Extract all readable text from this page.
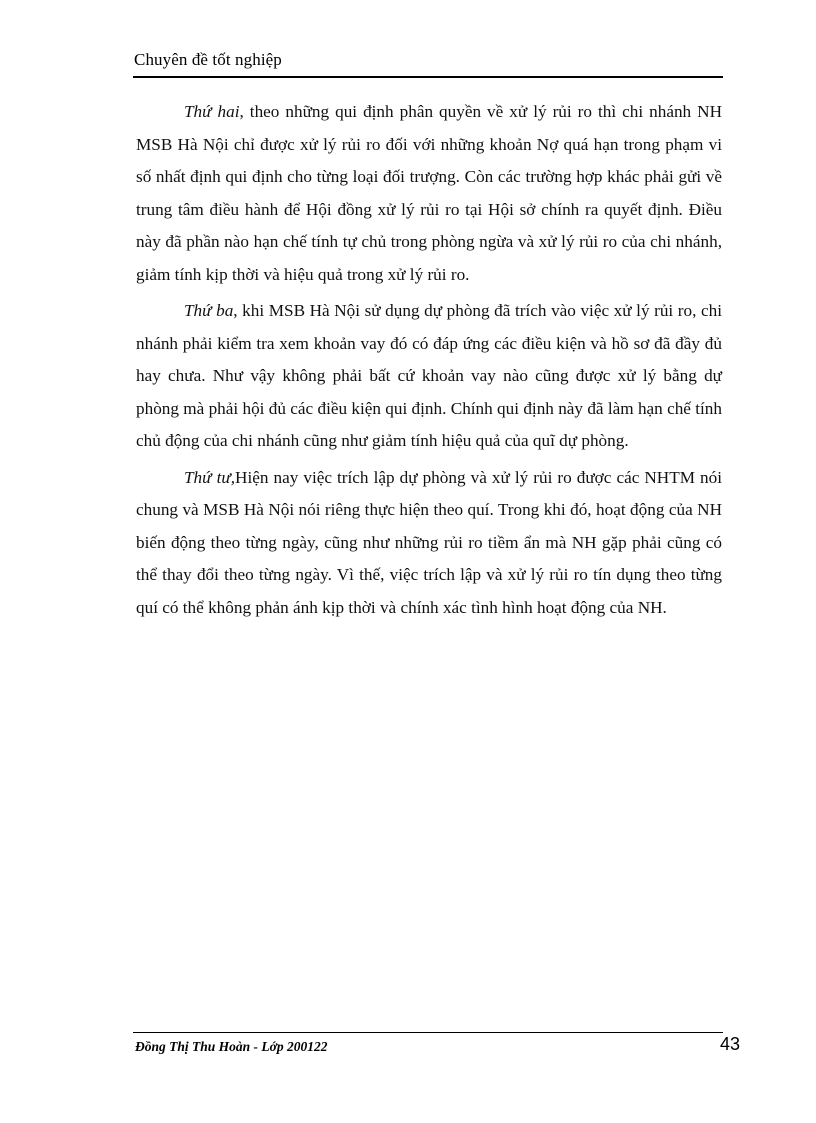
Chuyên đề tốt nghiệp

Thứ hai, theo những qui định phân quyền về xử lý rủi ro thì chi nhánh NH MSB Hà Nội chỉ được xử lý rủi ro đối với những khoản Nợ quá hạn trong phạm vi số nhất định qui định cho từng loại đối trượng. Còn các trường hợp khác phải gửi về trung tâm điều hành để Hội đồng xử lý rủi ro tại Hội sở chính ra quyết định. Điều này đã phần nào hạn chế tính tự chủ trong phòng ngừa và xử lý rủi ro của chi nhánh, giảm tính kịp thời và hiệu quả trong xử lý rủi ro.

Thứ ba, khi MSB Hà Nội sử dụng dự phòng đã trích vào việc xử lý rủi ro, chi nhánh phải kiểm tra xem khoản vay đó có đáp ứng các điều kiện và hồ sơ đã đầy đủ hay chưa. Như vậy không phải bất cứ khoản vay nào cũng được xử lý bằng dự phòng mà phải hội đủ các điều kiện qui định. Chính qui định này đã làm hạn chế tính chủ động của chi nhánh cũng như giảm tính hiệu quả của quĩ dự phòng.

Thứ tư,Hiện nay việc trích lập dự phòng và xử lý rủi ro được các NHTM nói chung và MSB Hà Nội nói riêng thực hiện theo quí. Trong khi đó, hoạt động của NH biến động theo từng ngày, cũng như những rủi ro tiềm ẩn mà NH gặp phải cũng có thể thay đổi theo từng ngày. Vì thế, việc trích lập và xử lý rủi ro tín dụng theo từng quí có thể không phản ánh kịp thời và chính xác tình hình hoạt động của NH.

Đồng Thị Thu Hoàn - Lớp 200122	43
